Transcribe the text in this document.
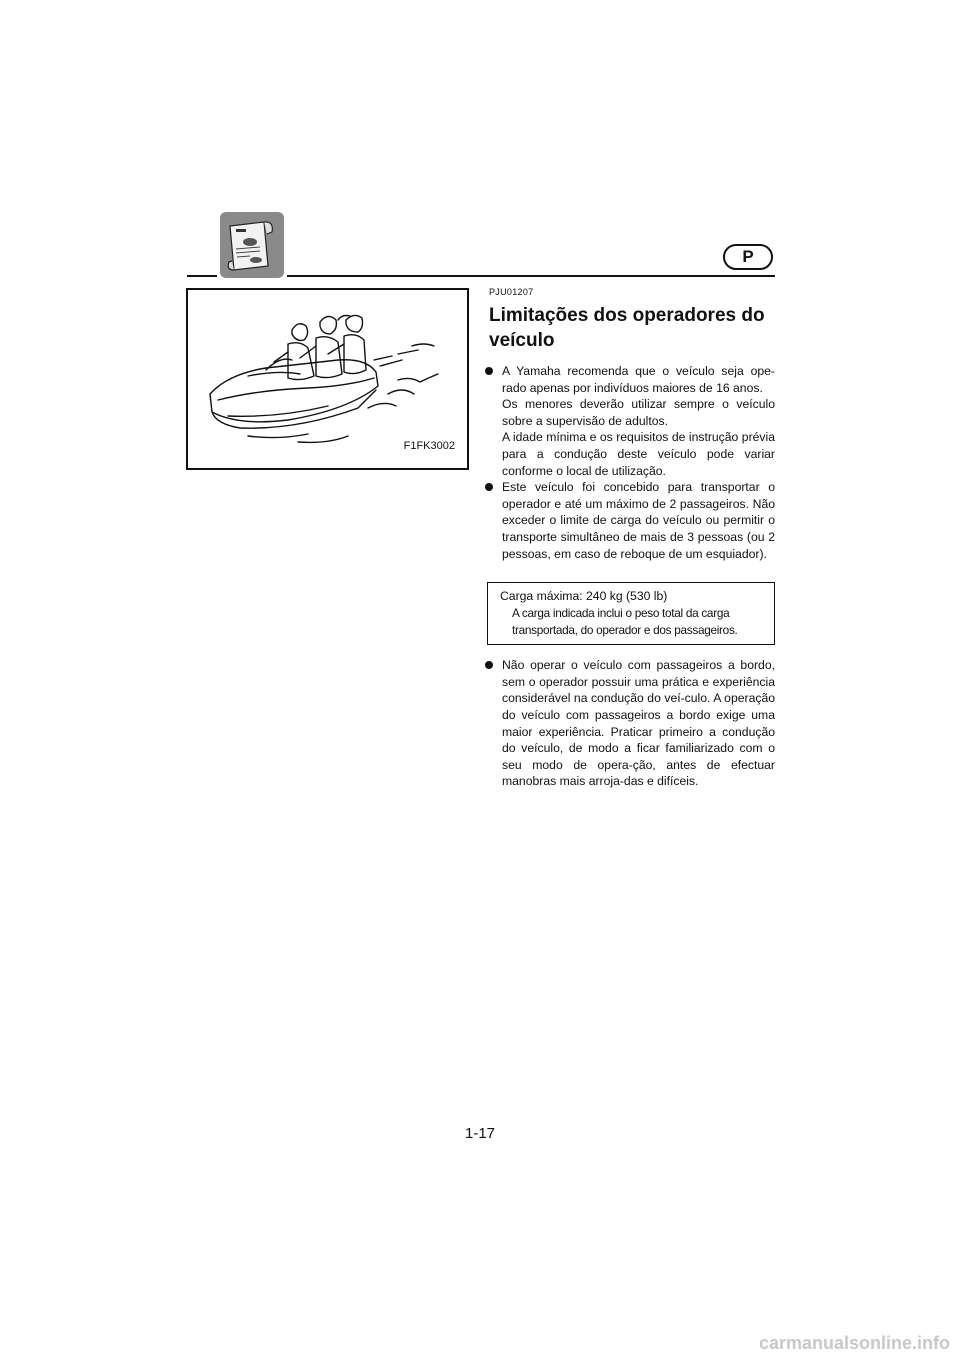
P
F1FK3002
PJU01207
Limitações dos operadores do veículo

A Yamaha recomenda que o veículo seja ope-rado apenas por indivíduos maiores de 16 anos.

Os menores deverão utilizar sempre o veículo sobre a supervisão de adultos.

A idade mínima e os requisitos de instrução prévia para a condução deste veículo pode variar conforme o local de utilização.

Este veículo foi concebido para transportar o operador e até um máximo de 2 passageiros. Não exceder o limite de carga do veículo ou permitir o transporte simultâneo de mais de 3 pessoas (ou 2 pessoas, em caso de reboque de um esquiador).

Carga máxima: 240 kg (530 lb)
A carga indicada inclui o peso total da carga
transportada, do operador e dos passageiros.

Não operar o veículo com passageiros a bordo, sem o operador possuir uma prática e experiência considerável na condução do veí-culo. A operação do veículo com passageiros a bordo exige uma maior experiência. Praticar primeiro a condução do veículo, de modo a ficar familiarizado com o seu modo de opera-ção, antes de efectuar manobras mais arroja-das e difíceis.

1-17
carmanualsonline.info
